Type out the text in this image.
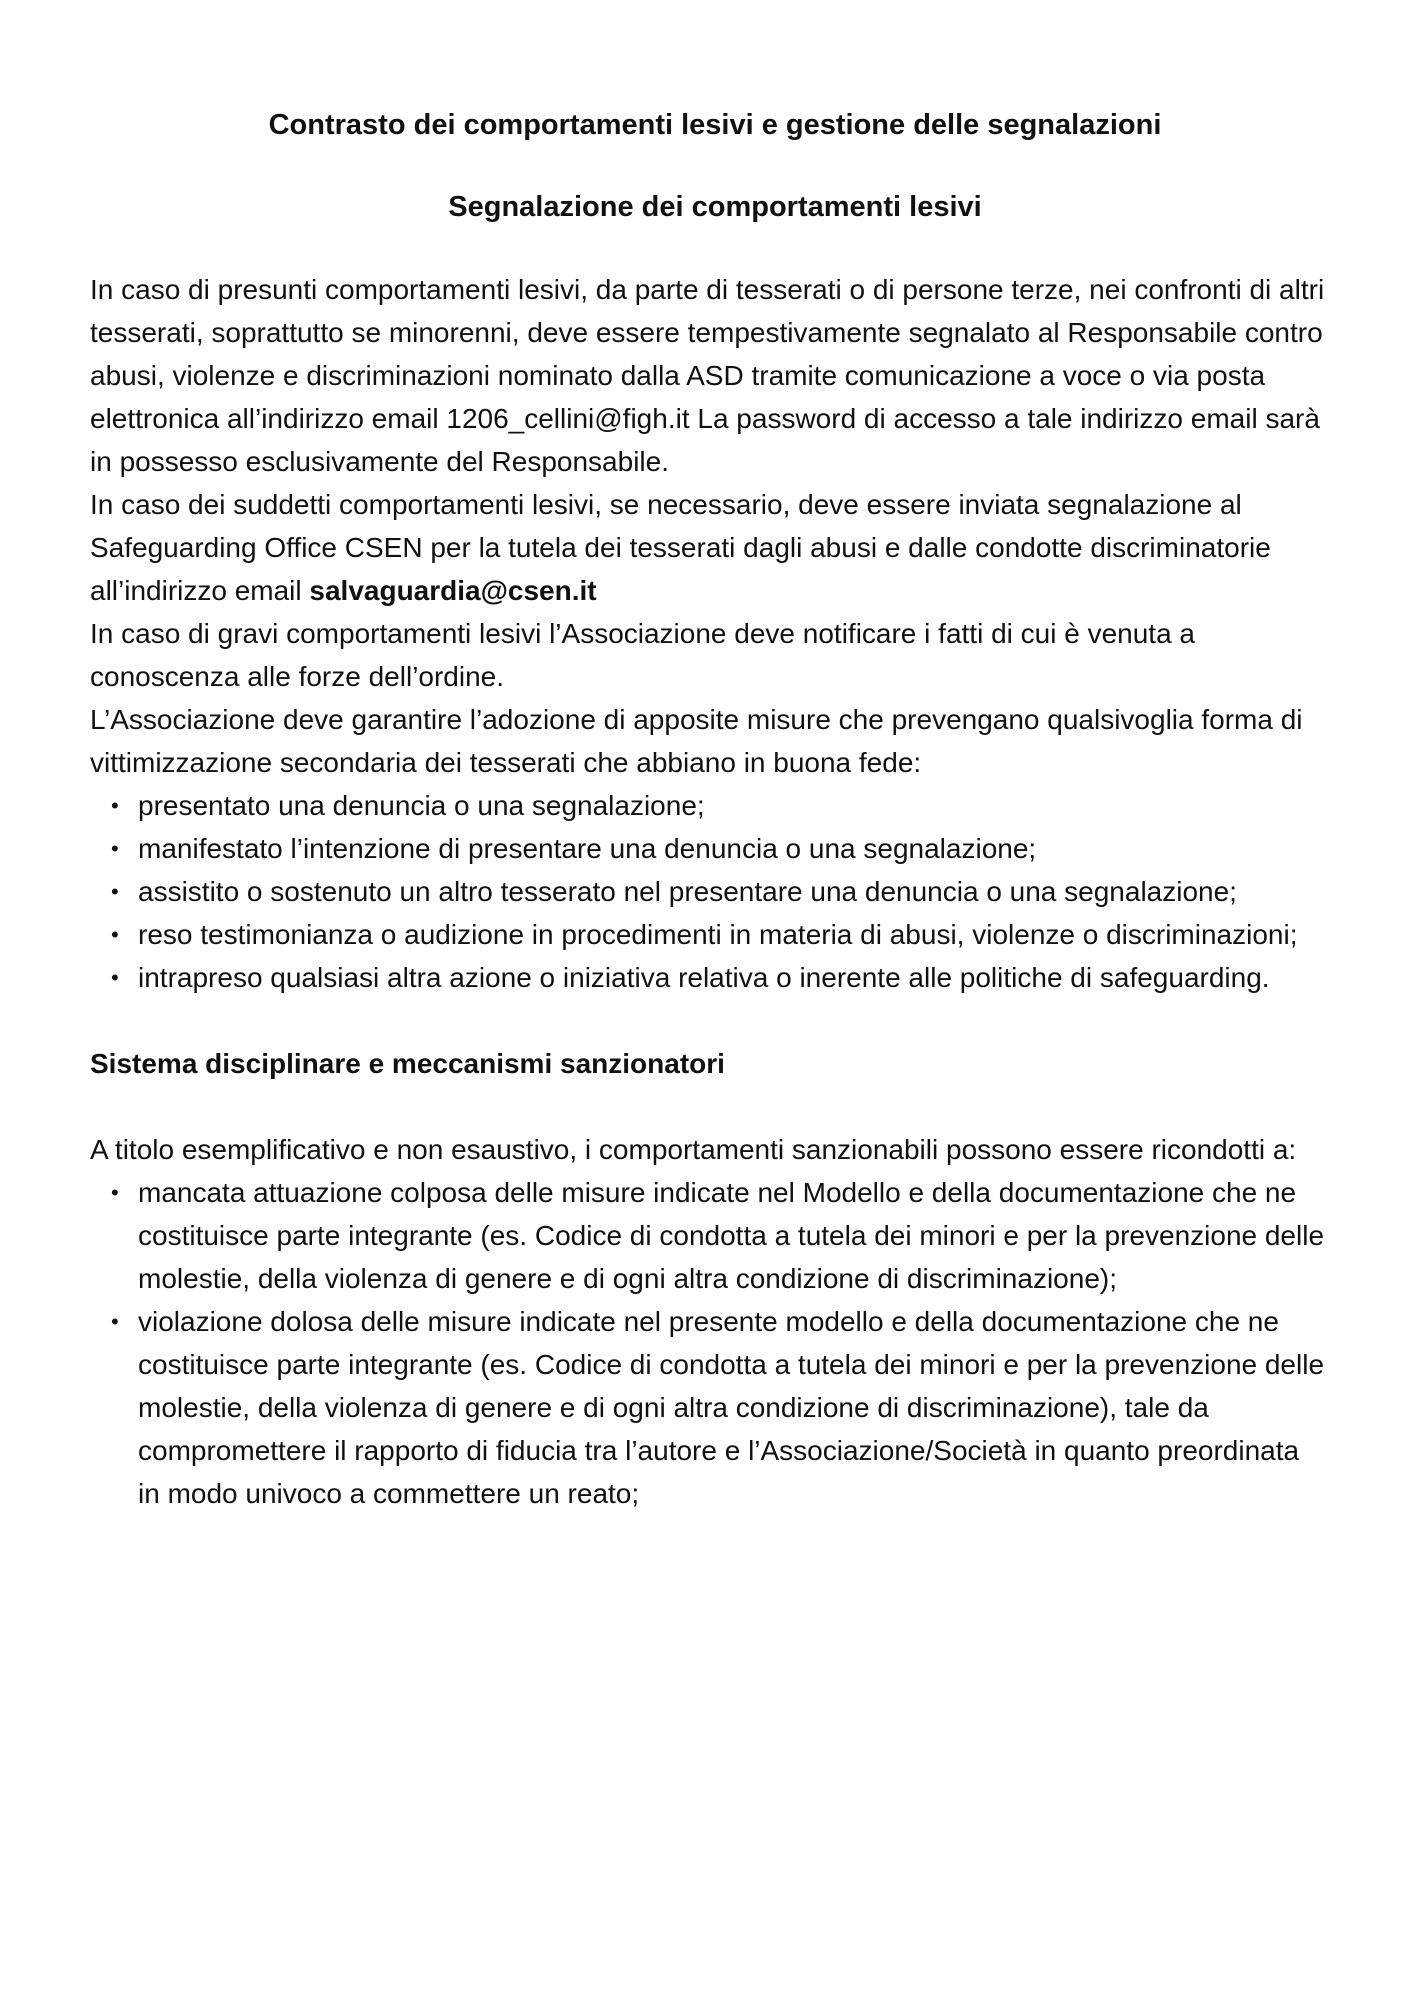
Contrasto dei comportamenti lesivi e gestione delle segnalazioni
Segnalazione dei comportamenti lesivi

In caso di presunti comportamenti lesivi, da parte di tesserati o di persone terze, nei confronti di altri tesserati, soprattutto se minorenni, deve essere tempestivamente segnalato al Responsabile contro abusi, violenze e discriminazioni nominato dalla ASD tramite comunicazione a voce o via posta elettronica all’indirizzo email 1206_cellini@figh.it La password di accesso a tale indirizzo email sarà in possesso esclusivamente del Responsabile.

In caso dei suddetti comportamenti lesivi, se necessario, deve essere inviata segnalazione al Safeguarding Office CSEN per la tutela dei tesserati dagli abusi e dalle condotte discriminatorie all’indirizzo email salvaguardia@csen.it

In caso di gravi comportamenti lesivi l’Associazione deve notificare i fatti di cui è venuta a conoscenza alle forze dell’ordine.

L’Associazione deve garantire l’adozione di apposite misure che prevengano qualsivoglia forma di vittimizzazione secondaria dei tesserati che abbiano in buona fede:

• presentato una denuncia o una segnalazione;
• manifestato l’intenzione di presentare una denuncia o una segnalazione;
• assistito o sostenuto un altro tesserato nel presentare una denuncia o una segnalazione;
• reso testimonianza o audizione in procedimenti in materia di abusi, violenze o discriminazioni;
• intrapreso qualsiasi altra azione o iniziativa relativa o inerente alle politiche di safeguarding.
Sistema disciplinare e meccanismi sanzionatori

A titolo esemplificativo e non esaustivo, i comportamenti sanzionabili possono essere ricondotti a:

• mancata attuazione colposa delle misure indicate nel Modello e della documentazione che ne costituisce parte integrante (es. Codice di condotta a tutela dei minori e per la prevenzione delle molestie, della violenza di genere e di ogni altra condizione di discriminazione);
• violazione dolosa delle misure indicate nel presente modello e della documentazione che ne costituisce parte integrante (es. Codice di condotta a tutela dei minori e per la prevenzione delle molestie, della violenza di genere e di ogni altra condizione di discriminazione), tale da compromettere il rapporto di fiducia tra l’autore e l’Associazione/Società in quanto preordinata in modo univoco a commettere un reato;
